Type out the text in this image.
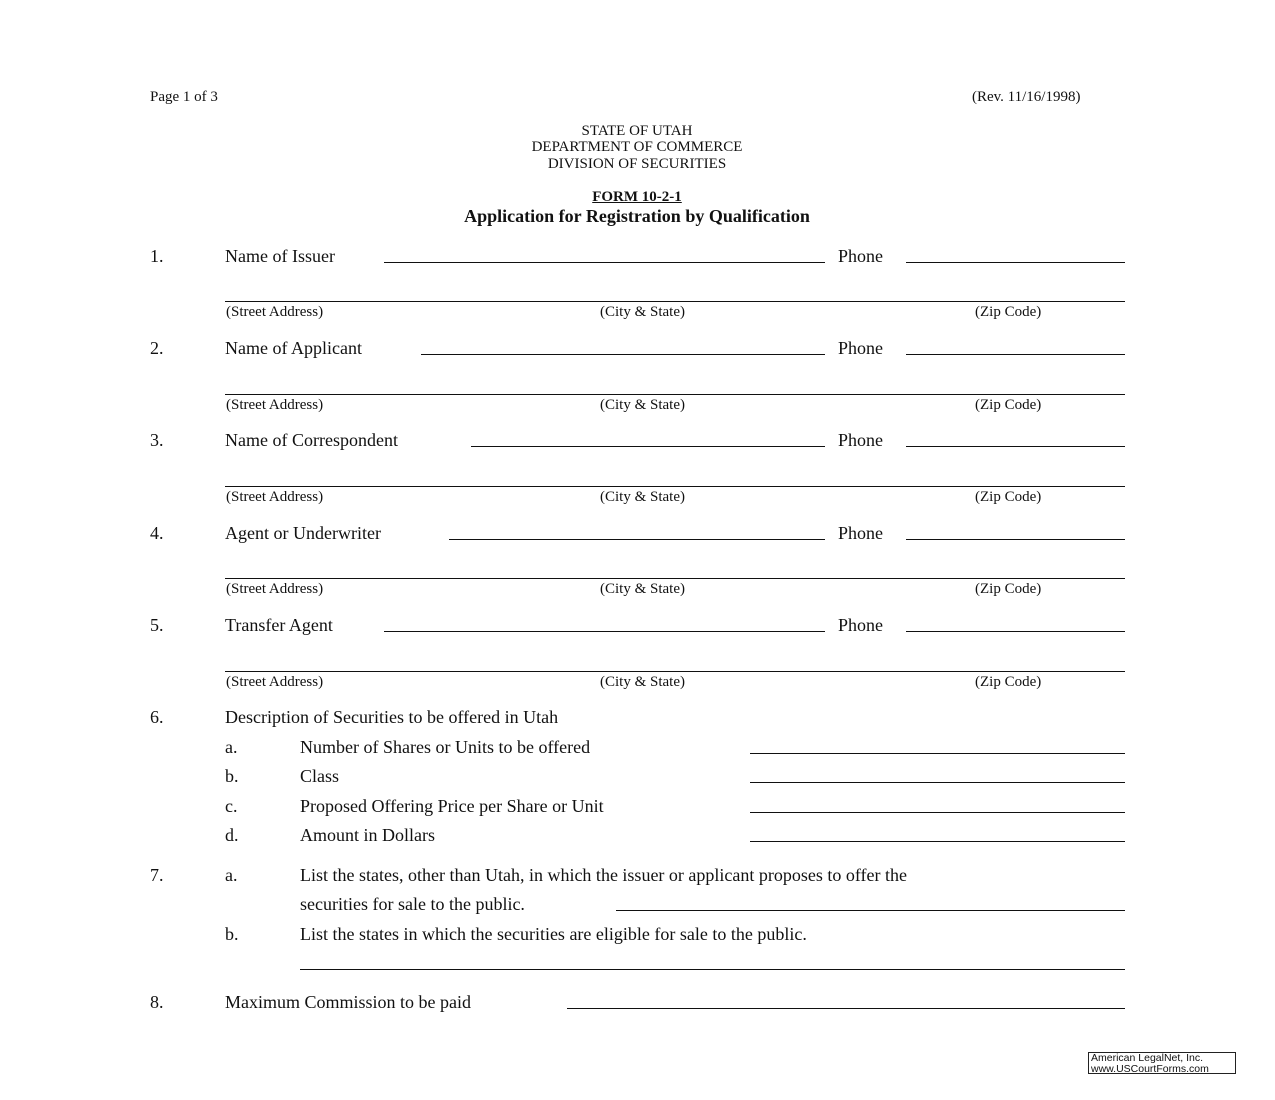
Page 1 of 3	(Rev. 11/16/1998)
STATE OF UTAH
DEPARTMENT OF COMMERCE
DIVISION OF SECURITIES
FORM 10-2-1
Application for Registration by Qualification
1.	Name of Issuer	Phone
(Street Address)	(City & State)	(Zip Code)
2.	Name of Applicant	Phone
(Street Address)	(City & State)	(Zip Code)
3.	Name of Correspondent	Phone
(Street Address)	(City & State)	(Zip Code)
4.	Agent or Underwriter	Phone
(Street Address)	(City & State)	(Zip Code)
5.	Transfer Agent	Phone
(Street Address)	(City & State)	(Zip Code)
6.	Description of Securities to be offered in Utah
a.	Number of Shares or Units to be offered
b.	Class
c.	Proposed Offering Price per Share or Unit
d.	Amount in Dollars
7.	a.	List the states, other than Utah, in which the issuer or applicant proposes to offer the
securities for sale to the public.
b.	List the states in which the securities are eligible for sale to the public.
8.	Maximum Commission to be paid
American LegalNet, Inc.
www.USCourtForms.com
